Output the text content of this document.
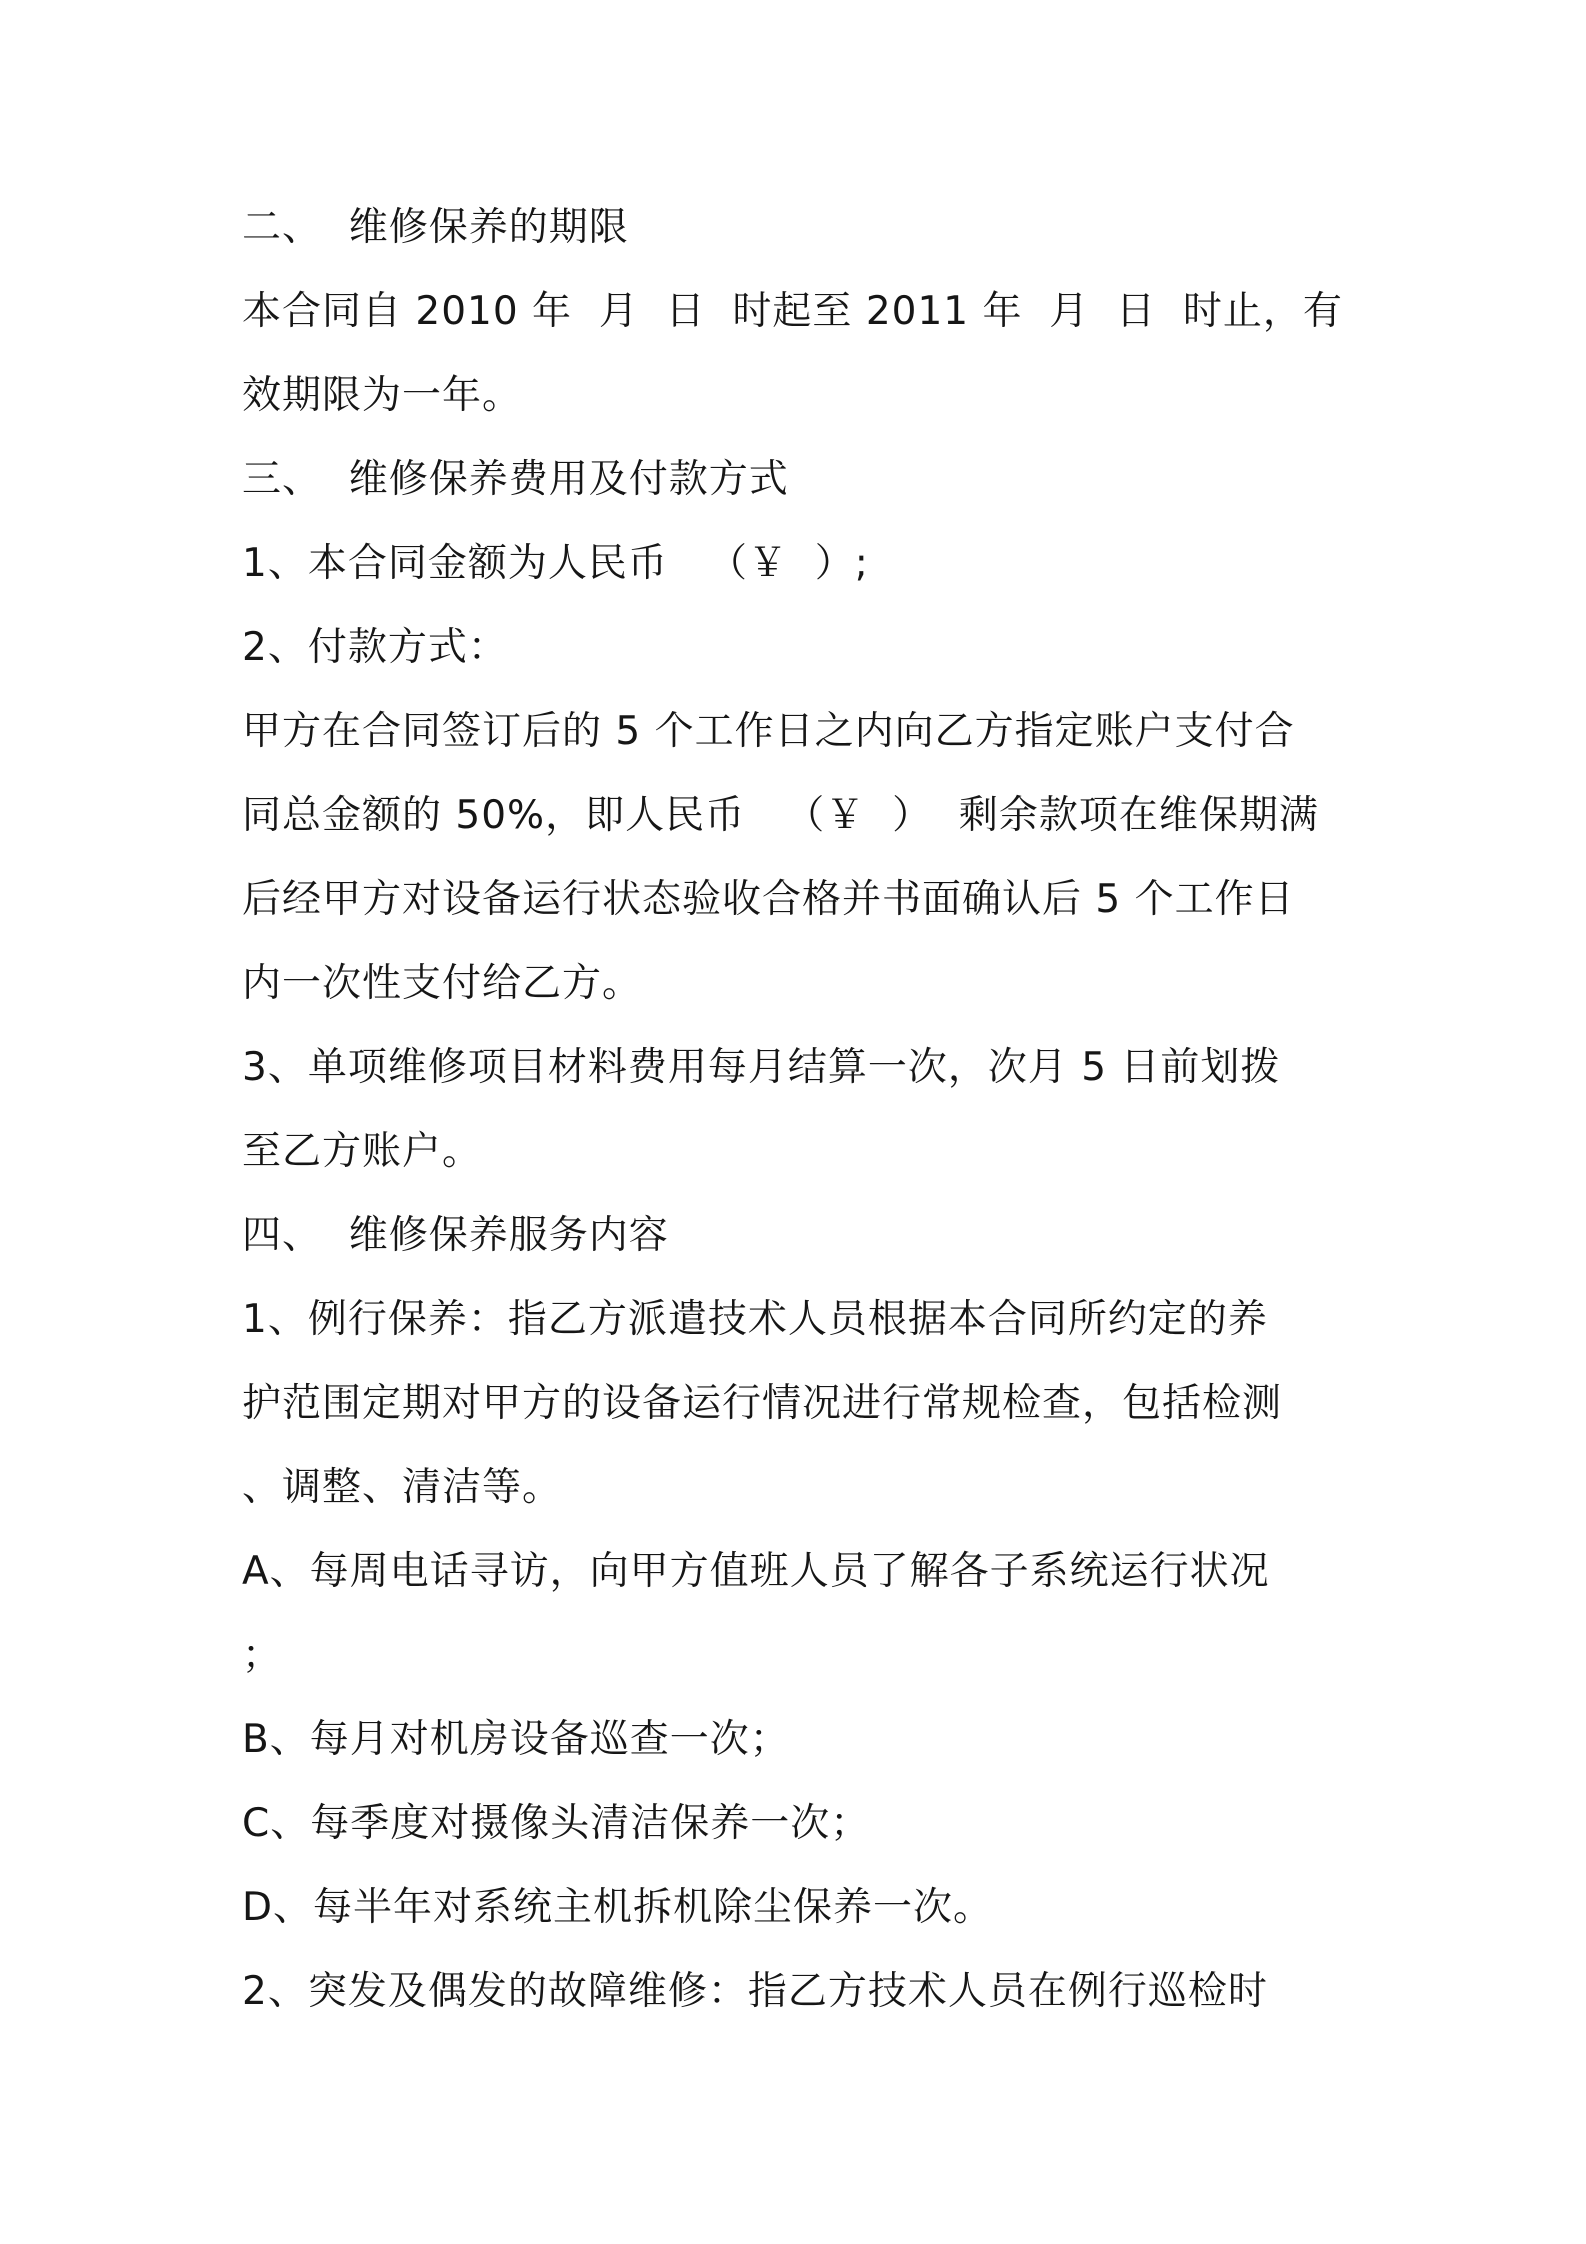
二、  维修保养的期限
本合同自 2010 年  月  日  时起至 2011 年  月  日  时止，有
效期限为一年。
三、  维修保养费用及付款方式
1、本合同金额为人民币   （￥  ）;
2、付款方式：
甲方在合同签订后的 5 个工作日之内向乙方指定账户支付合
同总金额的 50%，即人民币   （￥  ）  剩余款项在维保期满
后经甲方对设备运行状态验收合格并书面确认后 5 个工作日
内一次性支付给乙方。
3、单项维修项目材料费用每月结算一次，次月 5 日前划拨
至乙方账户。
四、  维修保养服务内容
1、例行保养：指乙方派遣技术人员根据本合同所约定的养
护范围定期对甲方的设备运行情况进行常规检查，包括检测
、调整、清洁等。
A、每周电话寻访，向甲方值班人员了解各子系统运行状况
；
B、每月对机房设备巡查一次；
C、每季度对摄像头清洁保养一次；
D、每半年对系统主机拆机除尘保养一次。
2、突发及偶发的故障维修：指乙方技术人员在例行巡检时
